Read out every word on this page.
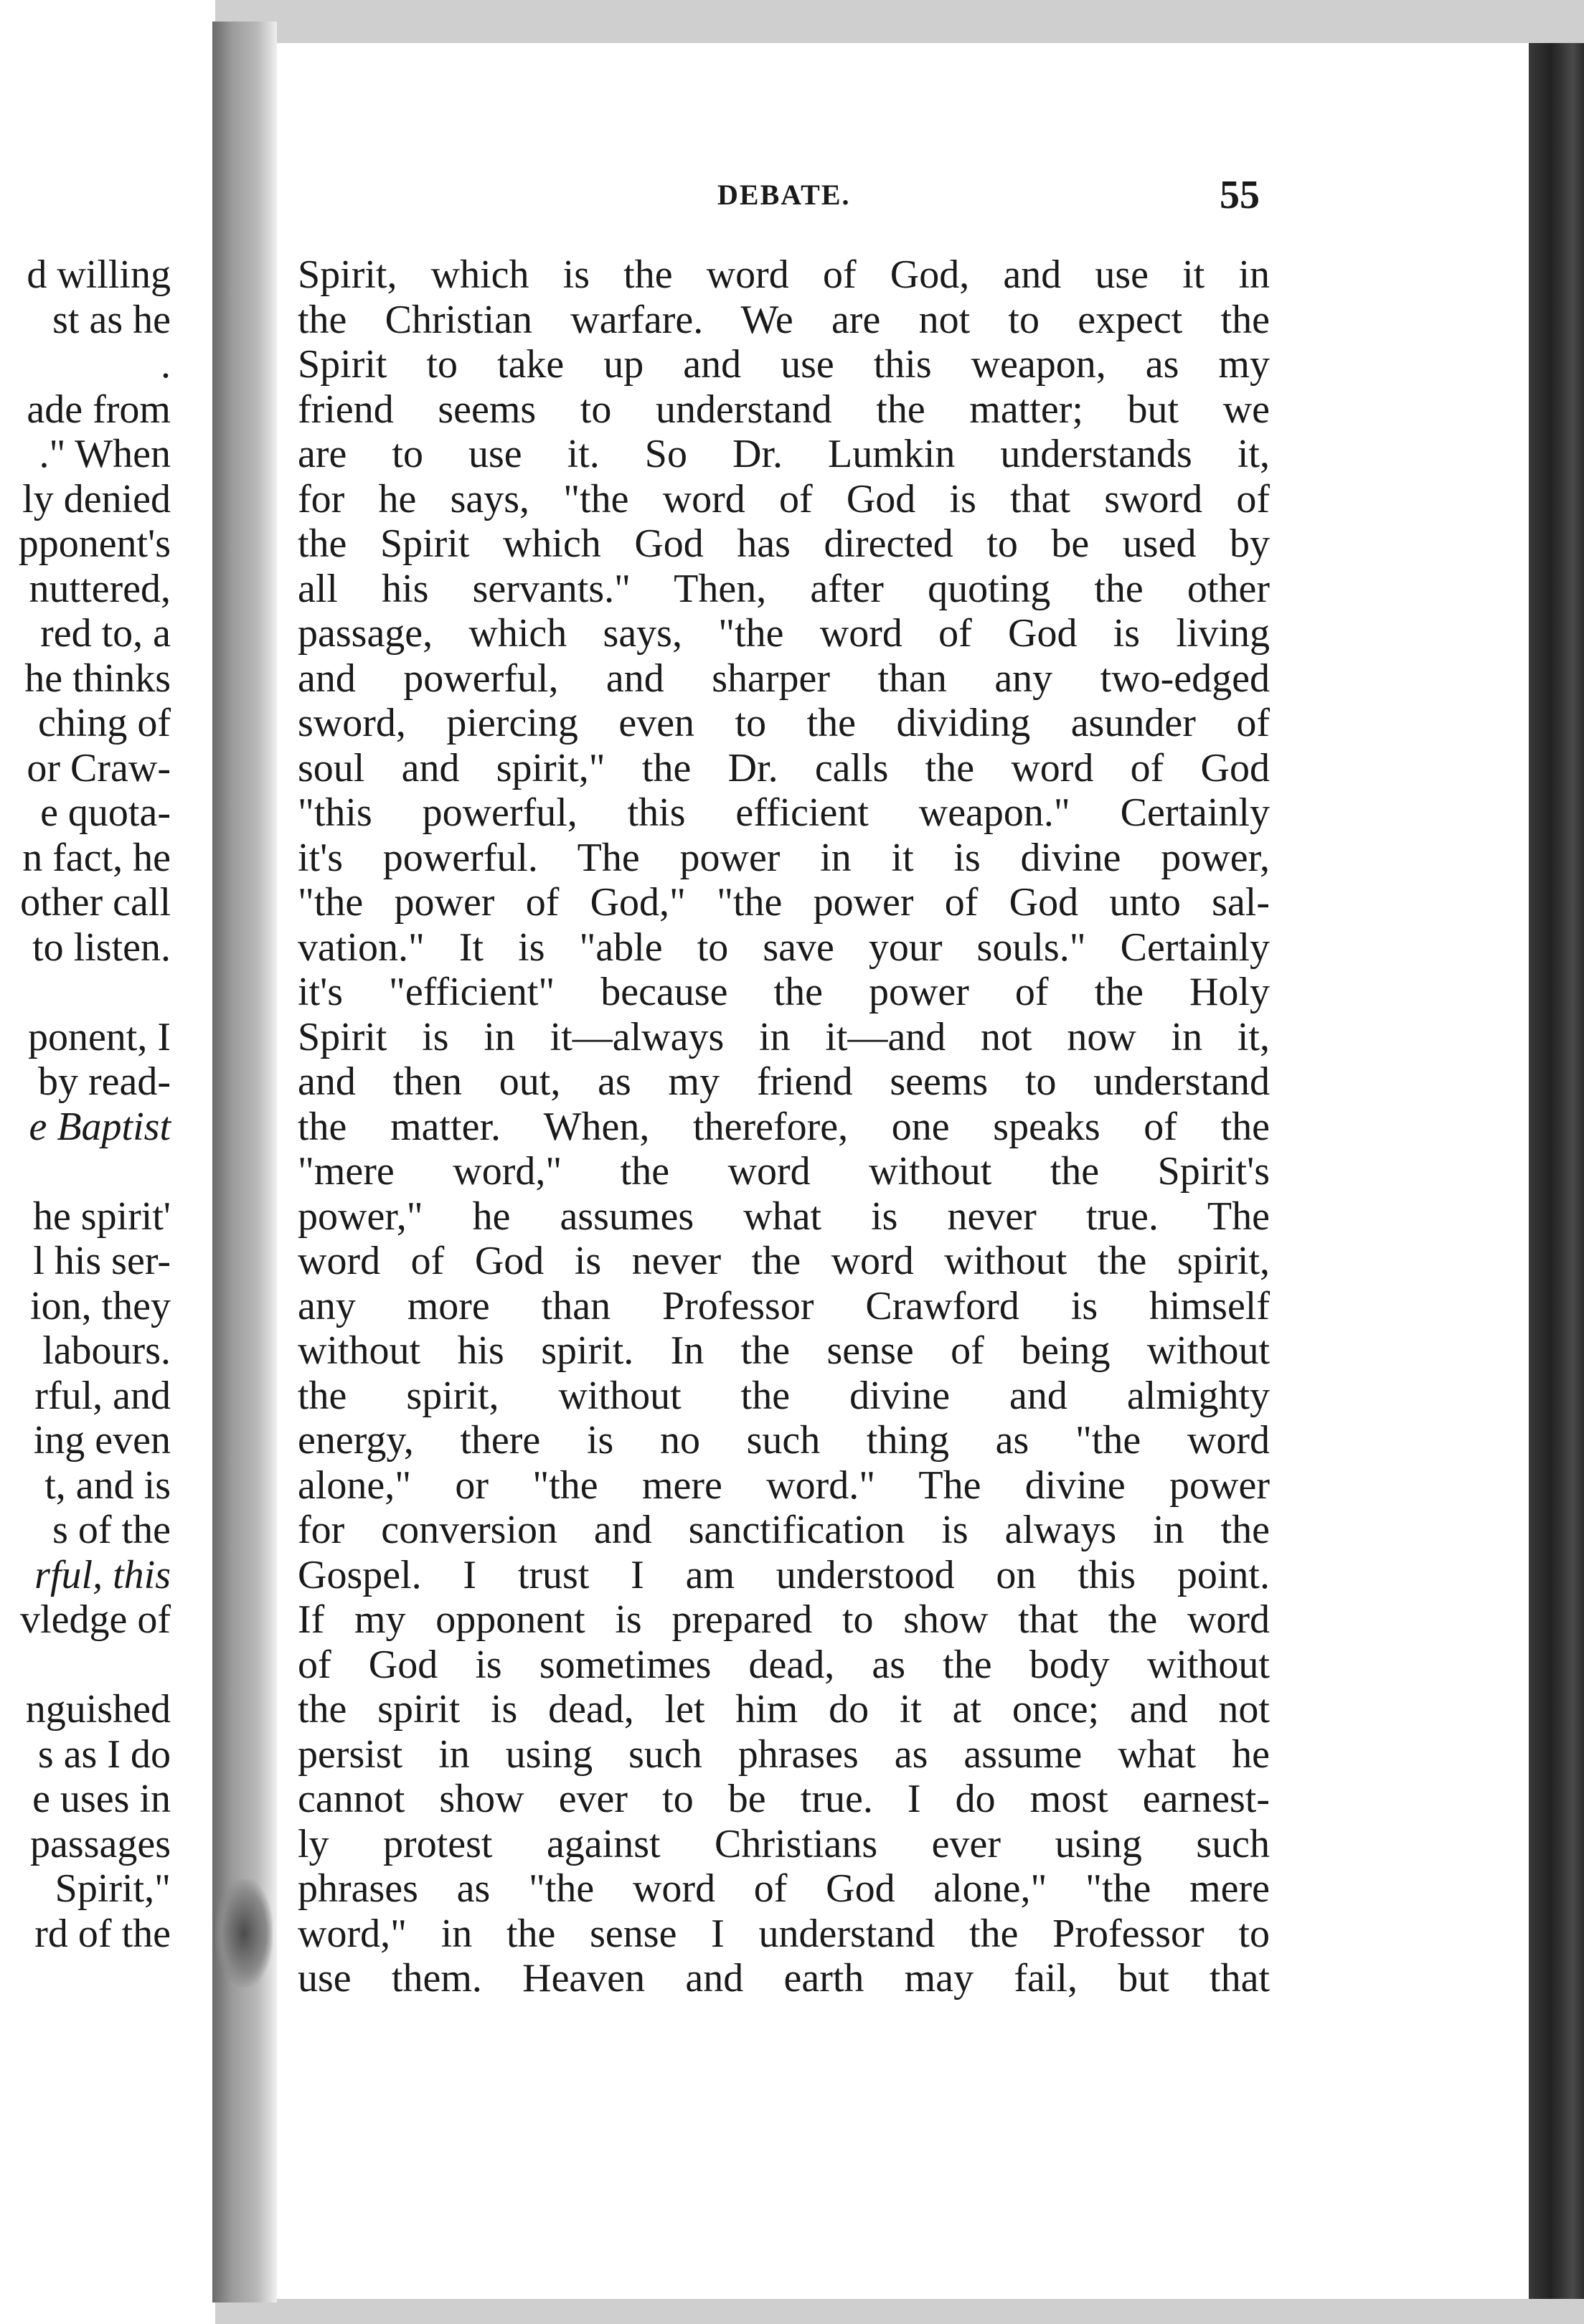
d willing
st as he
.
ade from
." When
ly denied
pponent's
nuttered,
red to, a
he thinks
ching of
or Craw-
e quota-
n fact, he
other call
to listen.
ponent, I
by read-
e Baptist
he spirit'
l his ser-
ion, they
labours.
rful, and
ing even
t, and is
s of the
rful, this
vledge of
nguished
s as I do
e uses in
passages
Spirit,"
rd of the
DEBATE.	55
Spirit, which is the word of God, and use it in
the Christian warfare. We are not to expect the
Spirit to take up and use this weapon, as my
friend seems to understand the matter; but we
are to use it. So Dr. Lumkin understands it,
for he says, "the word of God is that sword of
the Spirit which God has directed to be used by
all his servants." Then, after quoting the other
passage, which says, "the word of God is living
and powerful, and sharper than any two-edged
sword, piercing even to the dividing asunder of
soul and spirit," the Dr. calls the word of God
"this powerful, this efficient weapon." Certainly
it's powerful. The power in it is divine power,
"the power of God," "the power of God unto sal-
vation." It is "able to save your souls." Certainly
it's "efficient" because the power of the Holy
Spirit is in it—always in it—and not now in it,
and then out, as my friend seems to understand
the matter. When, therefore, one speaks of the
"mere word," the word without the Spirit's
power," he assumes what is never true. The
word of God is never the word without the spirit,
any more than Professor Crawford is himself
without his spirit. In the sense of being without
the spirit, without the divine and almighty
energy, there is no such thing as "the word
alone," or "the mere word." The divine power
for conversion and sanctification is always in the
Gospel. I trust I am understood on this point.
If my opponent is prepared to show that the word
of God is sometimes dead, as the body without
the spirit is dead, let him do it at once; and not
persist in using such phrases as assume what he
cannot show ever to be true. I do most earnest-
ly protest against Christians ever using such
phrases as "the word of God alone," "the mere
word," in the sense I understand the Professor to
use them. Heaven and earth may fail, but that
